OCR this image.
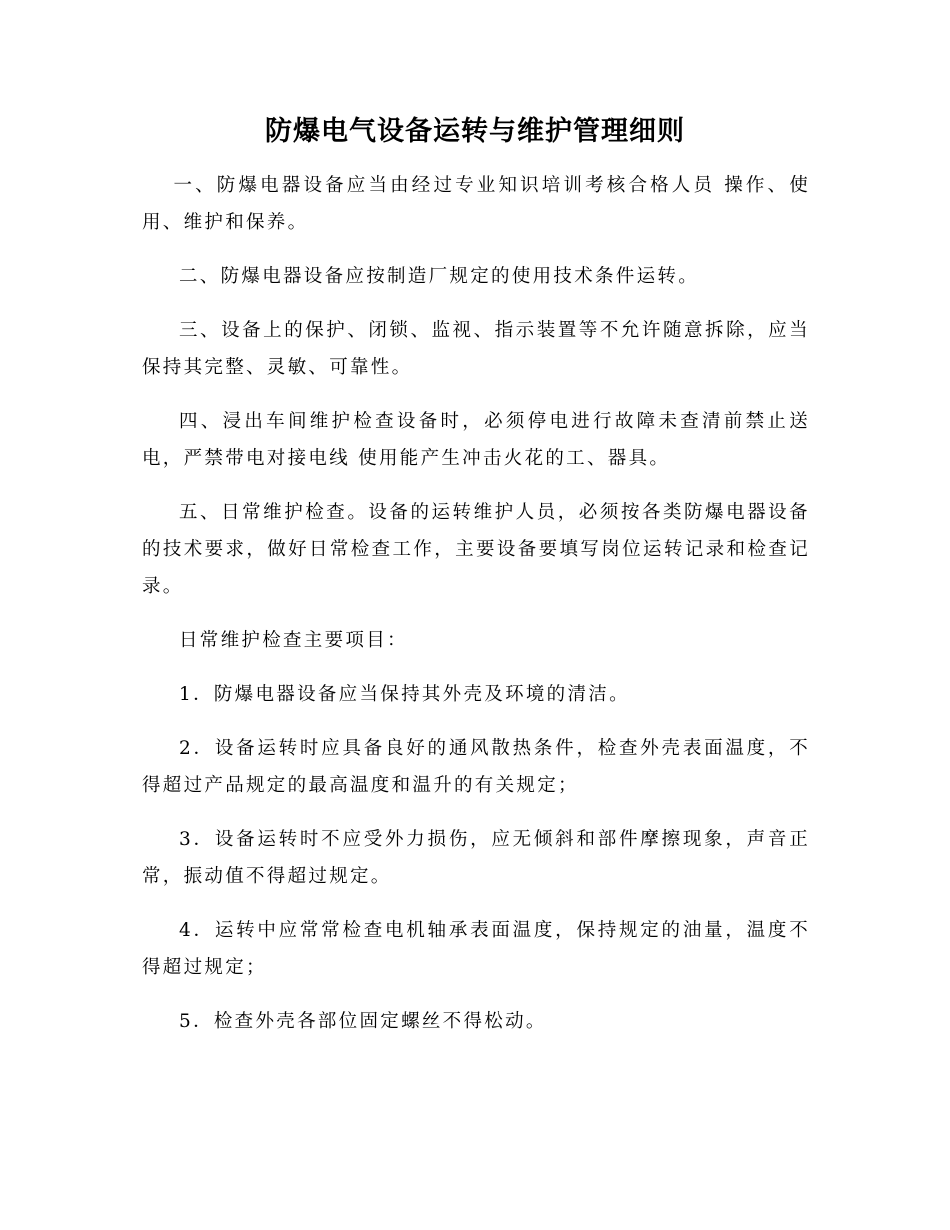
防爆电气设备运转与维护管理细则

一、防爆电器设备应当由经过专业知识培训考核合格人员 操作、使用、维护和保养。

二、防爆电器设备应按制造厂规定的使用技术条件运转。

三、设备上的保护、闭锁、监视、指示装置等不允许随意拆除，应当保持其完整、灵敏、可靠性。

四、浸出车间维护检查设备时，必须停电进行故障未查清前禁止送电，严禁带电对接电线 使用能产生冲击火花的工、器具。

五、日常维护检查。设备的运转维护人员，必须按各类防爆电器设备的技术要求，做好日常检查工作，主要设备要填写岗位运转记录和检查记录。

日常维护检查主要项目：

1．防爆电器设备应当保持其外壳及环境的清洁。

2．设备运转时应具备良好的通风散热条件，检查外壳表面温度，不得超过产品规定的最高温度和温升的有关规定；

3．设备运转时不应受外力损伤，应无倾斜和部件摩擦现象，声音正常，振动值不得超过规定。

4．运转中应常常检查电机轴承表面温度，保持规定的油量，温度不得超过规定；

5．检查外壳各部位固定螺丝不得松动。
